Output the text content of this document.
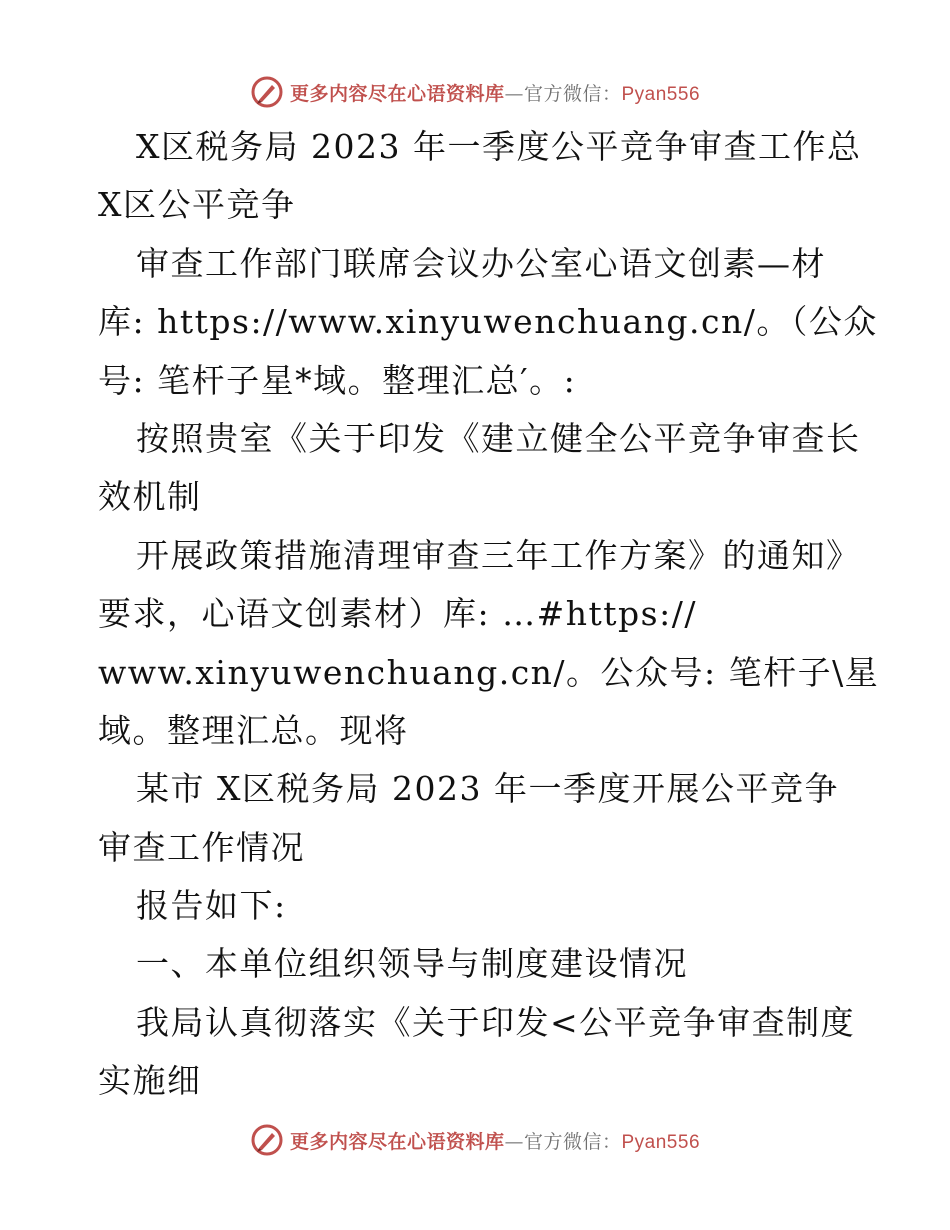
更多内容尽在心语资料库—官方微信：Pyan556
X区税务局 2023 年一季度公平竞争审查工作总
X区公平竞争
审查工作部门联席会议办公室心语文创素—材
库: https://www.xinyuwenchuang.cn/。（公众
号: 笔杆子星*域。整理汇总′。:
按照贵室《关于印发《建立健全公平竞争审查长
效机制
开展政策措施清理审查三年工作方案》的通知》
要求，心语文创素材）库: …#https://
www.xinyuwenchuang.cn/。公众号: 笔杆子\星
域。整理汇总。现将
某市 X区税务局 2023 年一季度开展公平竞争
审查工作情况
报告如下:
一、本单位组织领导与制度建设情况
我局认真彻落实《关于印发<公平竞争审查制度
实施细
更多内容尽在心语资料库—官方微信：Pyan556
